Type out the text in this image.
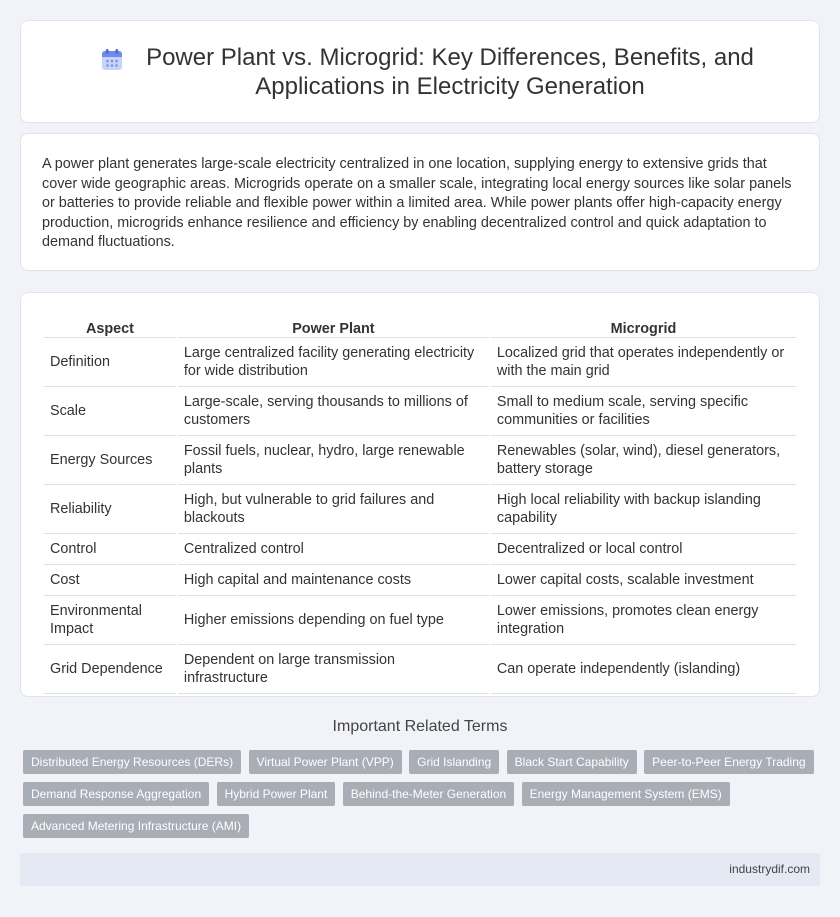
Power Plant vs. Microgrid: Key Differences, Benefits, and Applications in Electricity Generation

A power plant generates large-scale electricity centralized in one location, supplying energy to extensive grids that cover wide geographic areas. Microgrids operate on a smaller scale, integrating local energy sources like solar panels or batteries to provide reliable and flexible power within a limited area. While power plants offer high-capacity energy production, microgrids enhance resilience and efficiency by enabling decentralized control and quick adaptation to demand fluctuations.

Aspect	Power Plant	Microgrid
Definition	Large centralized facility generating electricity for wide distribution	Localized grid that operates independently or with the main grid
Scale	Large-scale, serving thousands to millions of customers	Small to medium scale, serving specific communities or facilities
Energy Sources	Fossil fuels, nuclear, hydro, large renewable plants	Renewables (solar, wind), diesel generators, battery storage
Reliability	High, but vulnerable to grid failures and blackouts	High local reliability with backup islanding capability
Control	Centralized control	Decentralized or local control
Cost	High capital and maintenance costs	Lower capital costs, scalable investment
Environmental Impact	Higher emissions depending on fuel type	Lower emissions, promotes clean energy integration
Grid Dependence	Dependent on large transmission infrastructure	Can operate independently (islanding)
Important Related Terms
Distributed Energy Resources (DERs) Virtual Power Plant (VPP) Grid Islanding Black Start Capability Peer-to-Peer Energy Trading Demand Response Aggregation Hybrid Power Plant Behind-the-Meter Generation Energy Management System (EMS) Advanced Metering Infrastructure (AMI)
industrydif.com
